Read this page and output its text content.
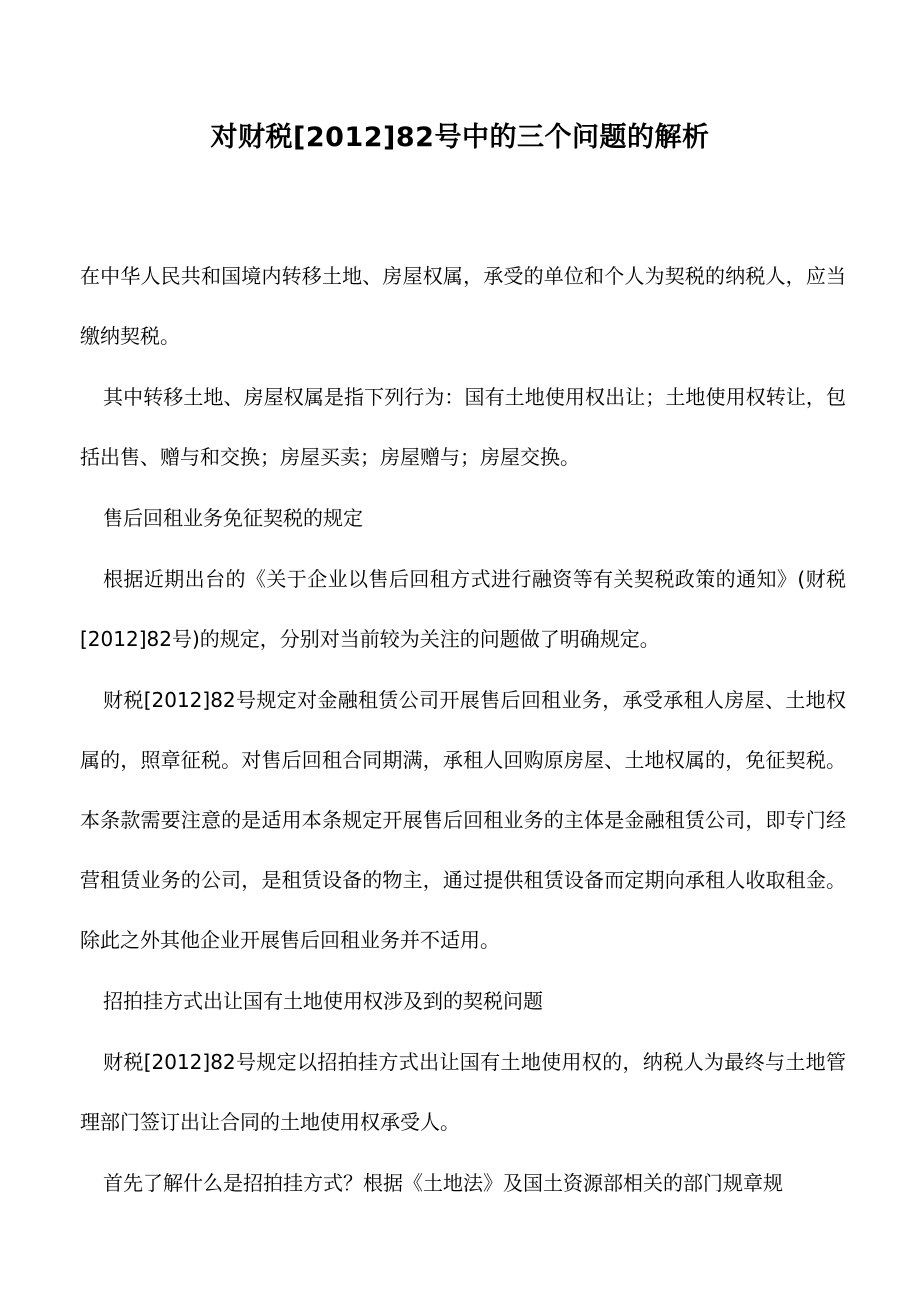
对财税[2012]82号中的三个问题的解析

在中华人民共和国境内转移土地、房屋权属，承受的单位和个人为契税的纳税人，应当缴纳契税。

其中转移土地、房屋权属是指下列行为：国有土地使用权出让；土地使用权转让，包括出售、赠与和交换；房屋买卖；房屋赠与；房屋交换。

售后回租业务免征契税的规定

根据近期出台的《关于企业以售后回租方式进行融资等有关契税政策的通知》(财税[2012]82号)的规定，分别对当前较为关注的问题做了明确规定。

财税[2012]82号规定对金融租赁公司开展售后回租业务，承受承租人房屋、土地权属的，照章征税。对售后回租合同期满，承租人回购原房屋、土地权属的，免征契税。 本条款需要注意的是适用本条规定开展售后回租业务的主体是金融租赁公司，即专门经营租赁业务的公司，是租赁设备的物主，通过提供租赁设备而定期向承租人收取租金。除此之外其他企业开展售后回租业务并不适用。

招拍挂方式出让国有土地使用权涉及到的契税问题

财税[2012]82号规定以招拍挂方式出让国有土地使用权的，纳税人为最终与土地管理部门签订出让合同的土地使用权承受人。

首先了解什么是招拍挂方式？根据《土地法》及国土资源部相关的部门规章规
